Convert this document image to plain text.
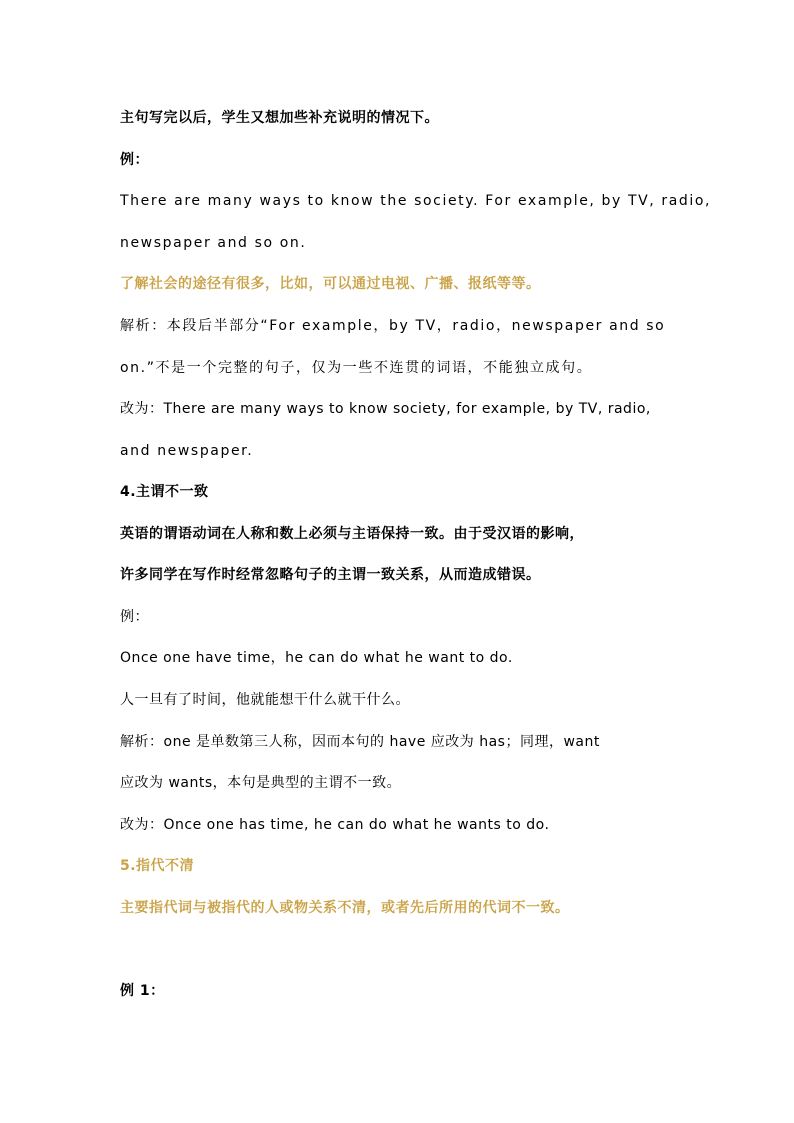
主句写完以后，学生又想加些补充说明的情况下。
例：
There are many ways to know the society. For example, by TV, radio,
newspaper and so on.
了解社会的途径有很多，比如，可以通过电视、广播、报纸等等。
解析：本段后半部分“For example，by TV，radio，newspaper and so
on.”不是一个完整的句子，仅为一些不连贯的词语，不能独立成句。
改为：There are many ways to know society, for example, by TV, radio,
and newspaper.
4.主谓不一致
英语的谓语动词在人称和数上必须与主语保持一致。由于受汉语的影响，
许多同学在写作时经常忽略句子的主谓一致关系，从而造成错误。
例：
Once one have time，he can do what he want to do.
人一旦有了时间，他就能想干什么就干什么。
解析：one 是单数第三人称，因而本句的 have 应改为 has；同理，want
应改为 wants，本句是典型的主谓不一致。
改为：Once one has time, he can do what he wants to do.
5.指代不清
主要指代词与被指代的人或物关系不清，或者先后所用的代词不一致。
例 1：
